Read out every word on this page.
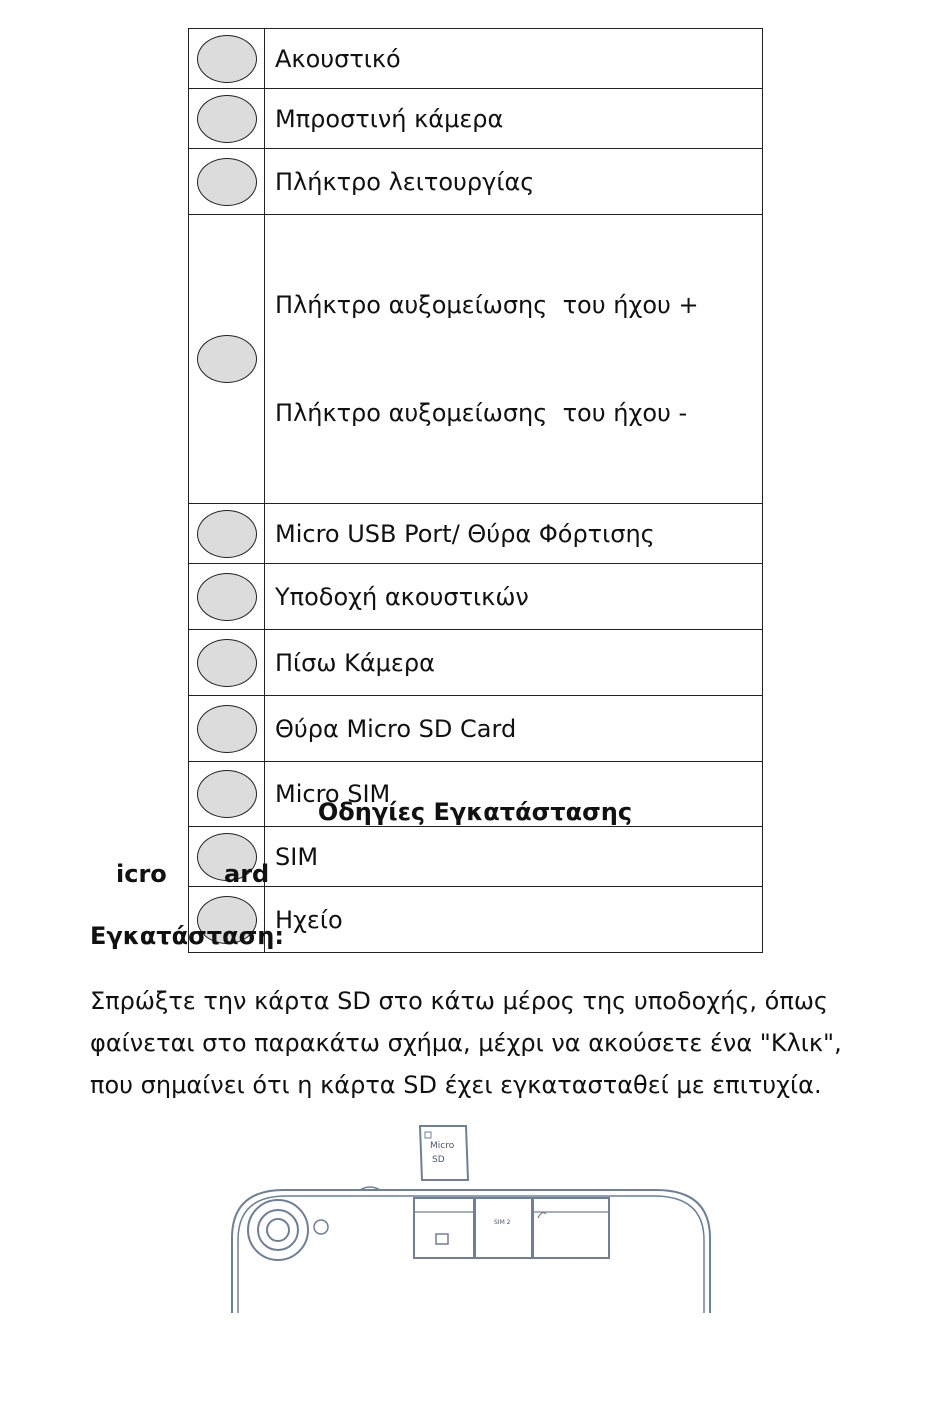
	Ακουστικό
	Μπροστινή κάμερα
	Πλήκτρο λειτουργίας

	Πλήκτρο αυξομείωσης  του ήχου +

Πλήκτρο αυξομείωσης  του ήχου -

	Micro USB Port/ Θύρα Φόρτισης
	Υποδοχή ακουστικών
	Πίσω Κάμερα
	Θύρα Micro SD Card
	Micro SIM
	SIM
	Ηχείο
Οδηγίες Εγκατάστασης
icro ard
Εγκατάσταση:
Σπρώξτε την κάρτα SD στο κάτω μέρος της υποδοχής, όπως
φαίνεται στο παρακάτω σχήμα, μέχρι να ακούσετε ένα "Κλικ",
που σημαίνει ότι η κάρτα SD έχει εγκατασταθεί με επιτυχία.
Micro
SD
SIM 2
